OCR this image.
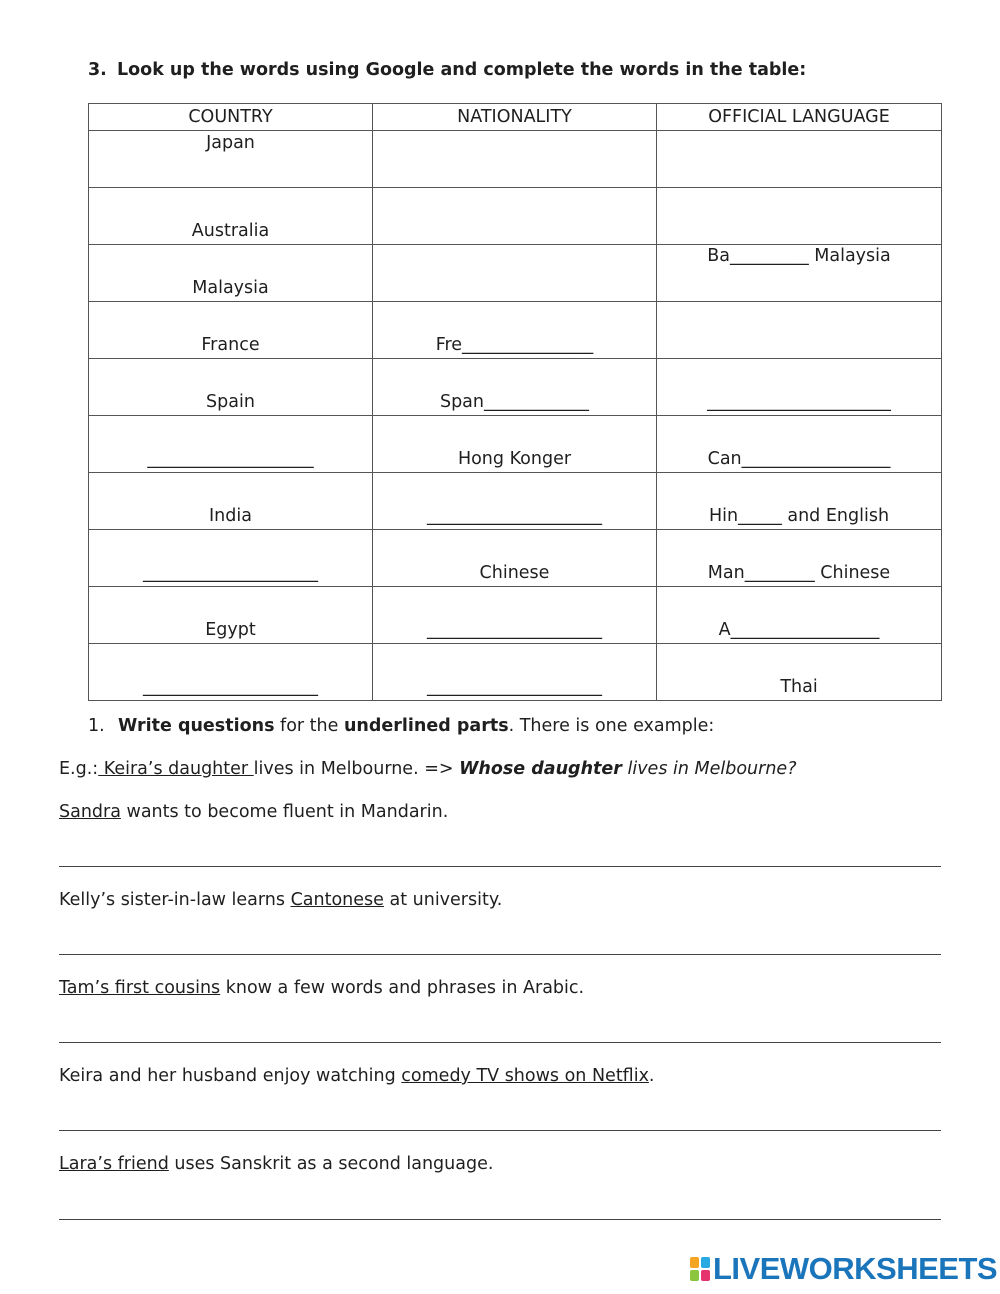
3. Look up the words using Google and complete the words in the table:

COUNTRY	NATIONALITY	OFFICIAL LANGUAGE
Japan		
Australia		
Malaysia		Ba_________ Malaysia
France	Fre_______________	
Spain	Span____________	_____________________
___________________	Hong Konger	Can_________________
India	____________________	Hin_____ and English
____________________	Chinese	Man________ Chinese
Egypt	____________________	A_________________
____________________	____________________	Thai

1. Write questions for the underlined parts. There is one example:

E.g.: Keira’s daughter lives in Melbourne. => Whose daughter lives in Melbourne?

Sandra wants to become fluent in Mandarin.

Kelly’s sister-in-law learns Cantonese at university.

Tam’s first cousins know a few words and phrases in Arabic.

Keira and her husband enjoy watching comedy TV shows on Netflix.

Lara’s friend uses Sanskrit as a second language.

LIVE WORKSHEETS
